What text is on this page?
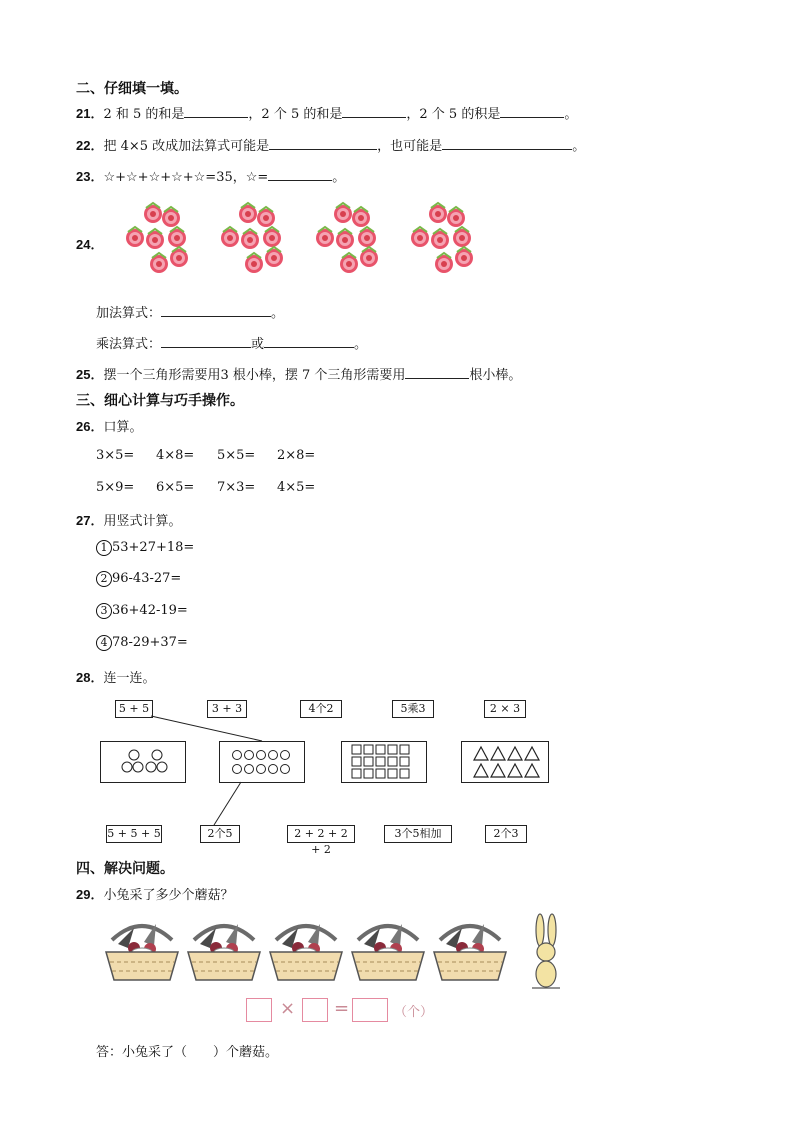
二、仔细填一填。
21．2 和 5 的和是	，2 个 5 的和是	，2 个 5 的积是	。
22．把 4×5 改成加法算式可能是	，也可能是	。
23．☆+☆+☆+☆+☆=35，☆=	。
24．
加法算式：	。
乘法算式：	或	。
25．摆一个三角形需要用3 根小棒，摆 7 个三角形需要用	根小棒。
三、细心计算与巧手操作。
26．口算。
3×5= 4×8= 5×5= 2×8=
5×9= 6×5= 7×3= 4×5=
27．用竖式计算。
1 53+27+18=
2 96-43-27=
3 36+42-19=
4 78-29+37=
28．连一连。
5 + 5	3 + 3	4个2	5乘3	2 × 3
5 + 5 + 5	2个5	2 + 2 + 2 + 2
3个5相加	2个3
四、解决问题。
29．小兔采了多少个蘑菇？
× =	（个）
答：小兔采了（　　）个蘑菇。
